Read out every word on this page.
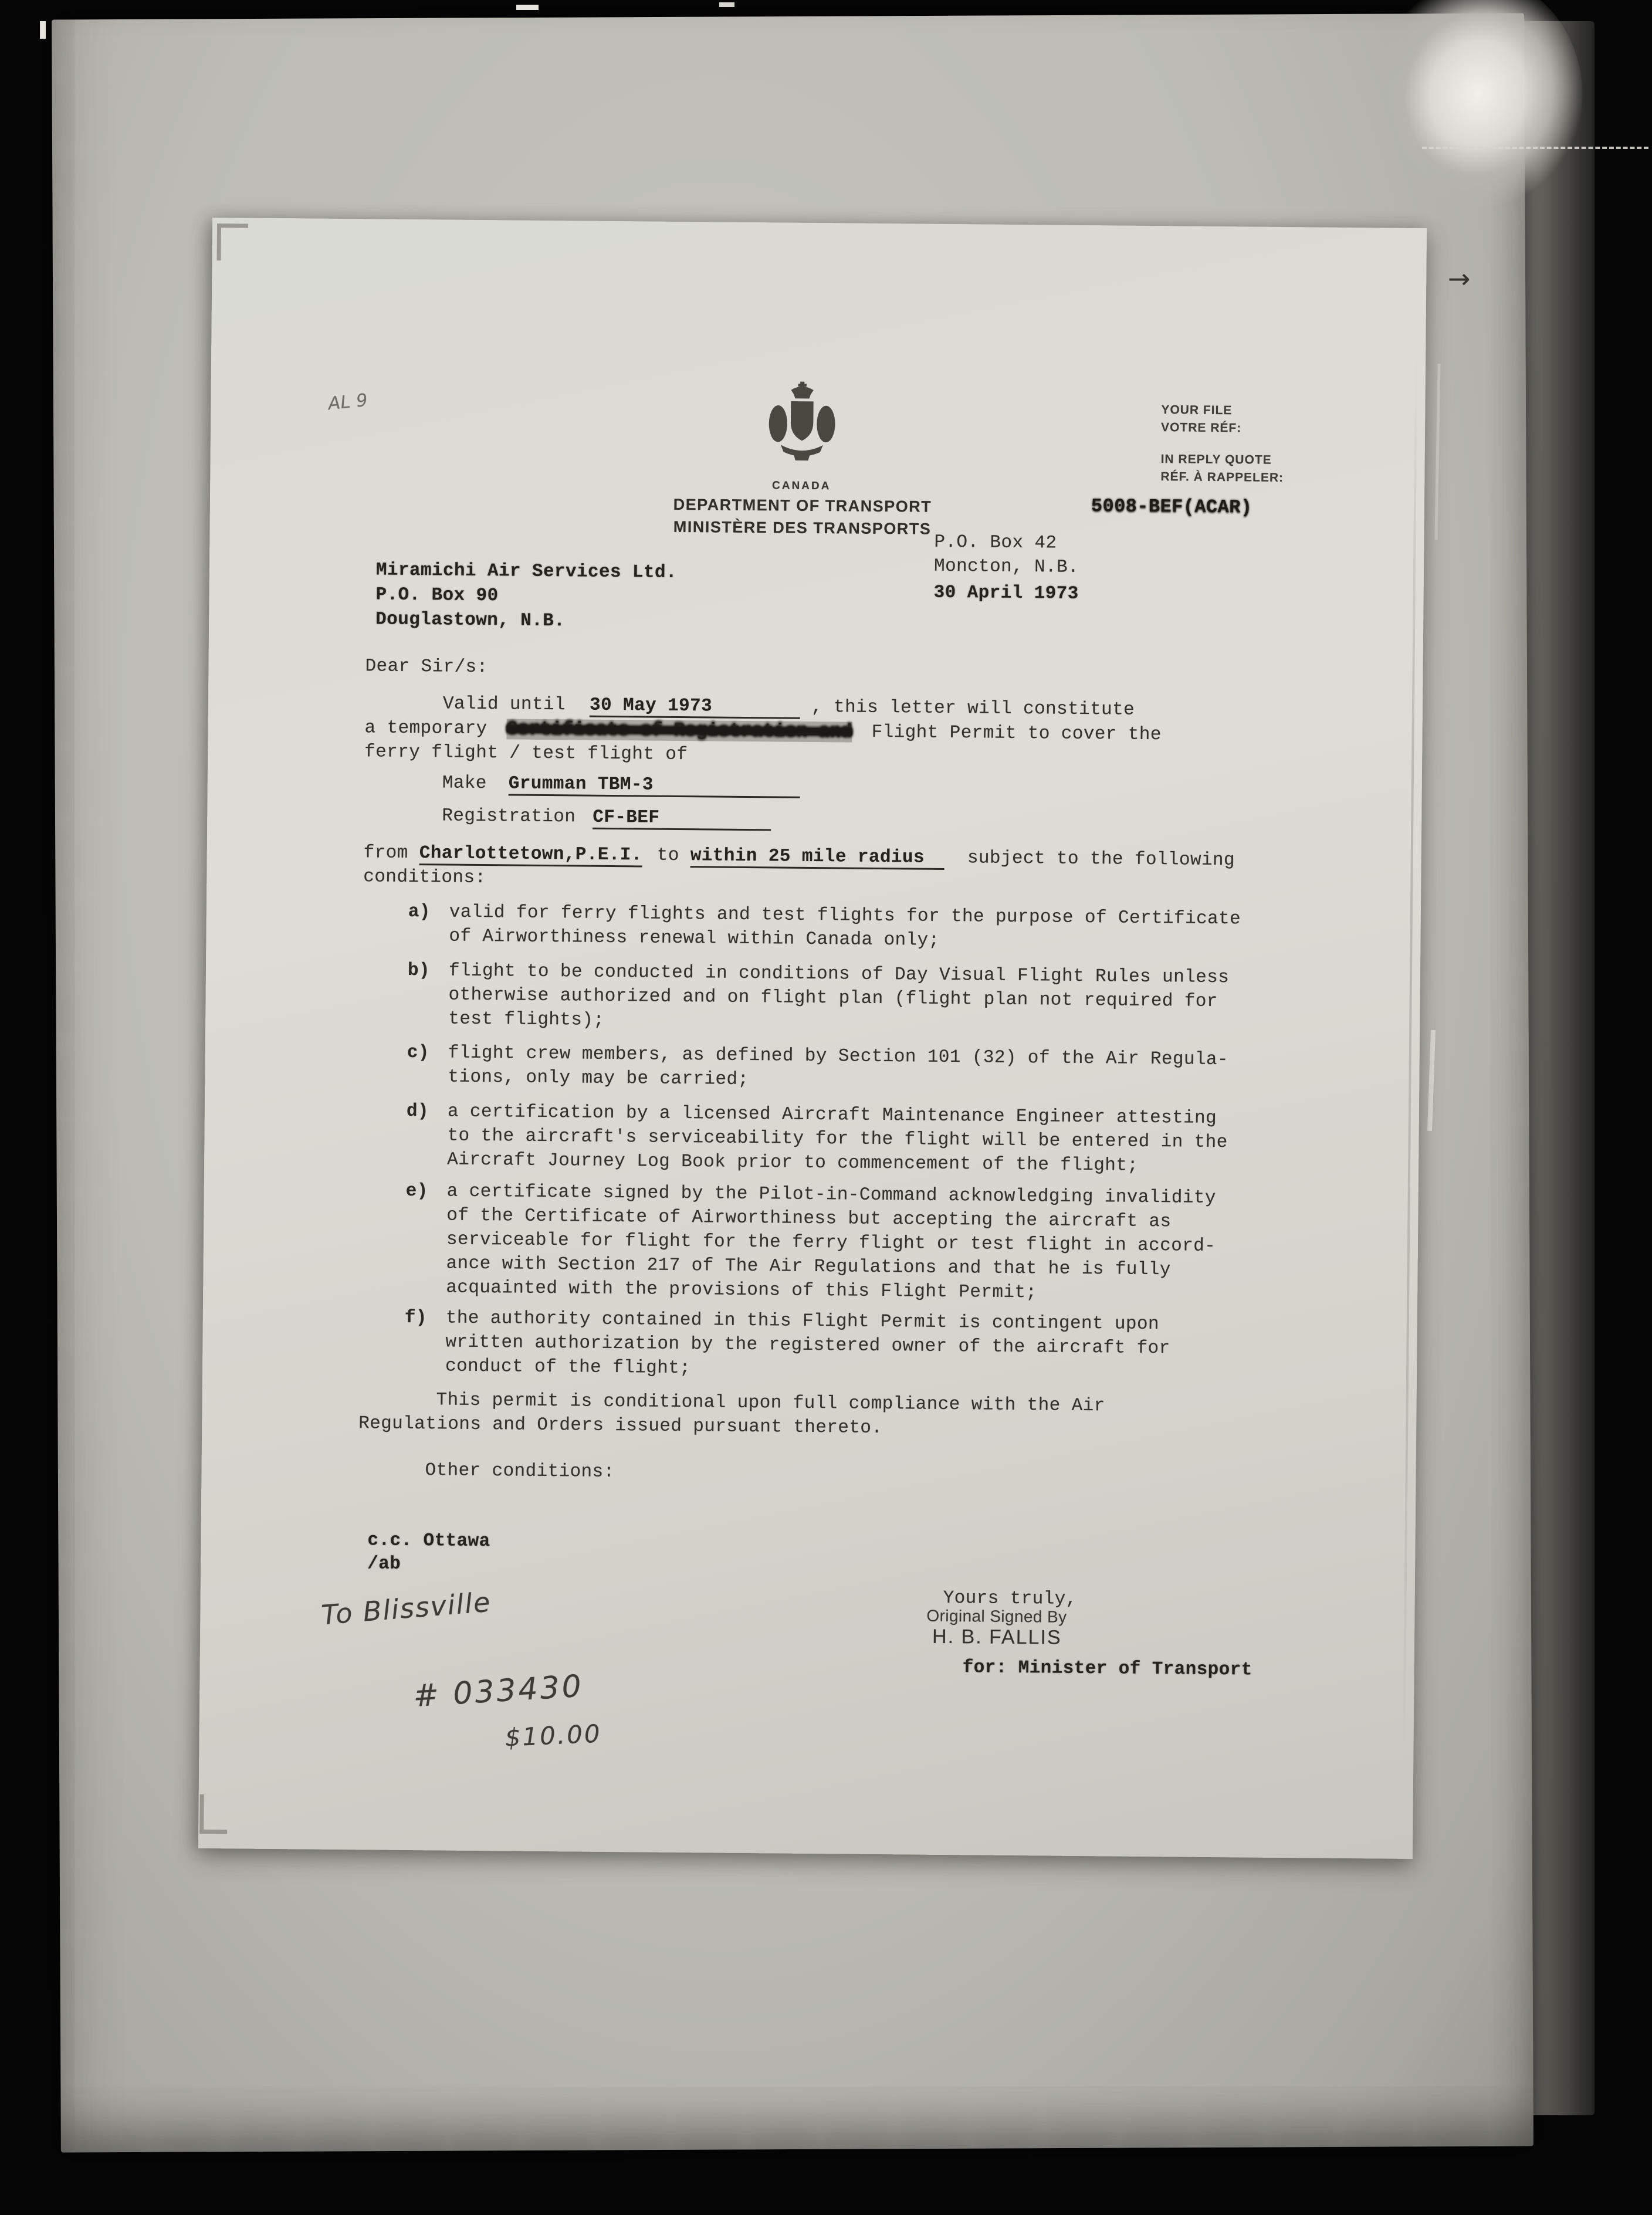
→
AL 9
CANADA
DEPARTMENT OF TRANSPORT
MINISTÈRE DES TRANSPORTS
YOUR FILE
VOTRE RÉF:
IN REPLY QUOTE
RÉF. À RAPPELER:
5008-BEF(ACAR)
P.O. Box 42
Moncton, N.B.
30 April 1973
Miramichi Air Services Ltd.
P.O. Box 90
Douglastown, N.B.
Dear Sir/s:
Valid until 30 May 1973	, this letter will constitute
a temporary Certificate of Registration and Flight Permit to cover the
ferry flight / test flight of
Make Grumman TBM-3
Registration CF-BEF
from Charlottetown,P.E.I. to within 25 mile radius subject to the following
conditions:
a)	valid for ferry flights and test flights for the purpose of Certificate
of Airworthiness renewal within Canada only;
b)	flight to be conducted in conditions of Day Visual Flight Rules unless
otherwise authorized and on flight plan (flight plan not required for
test flights);
c)	flight crew members, as defined by Section 101 (32) of the Air Regula-
tions, only may be carried;
d)	a certification by a licensed Aircraft Maintenance Engineer attesting
to the aircraft's serviceability for the flight will be entered in the
Aircraft Journey Log Book prior to commencement of the flight;
e)	a certificate signed by the Pilot-in-Command acknowledging invalidity
of the Certificate of Airworthiness but accepting the aircraft as
serviceable for flight for the ferry flight or test flight in accord-
ance with Section 217 of The Air Regulations and that he is fully
acquainted with the provisions of this Flight Permit;
f)	the authority contained in this Flight Permit is contingent upon
written authorization by the registered owner of the aircraft for
conduct of the flight;
This permit is conditional upon full compliance with the Air
Regulations and Orders issued pursuant thereto.
Other conditions:
c.c. Ottawa
/ab
To Blissville	Yours truly,
Original Signed By
H. B. FALLIS
for: Minister of Transport
# 033430
$10.00
